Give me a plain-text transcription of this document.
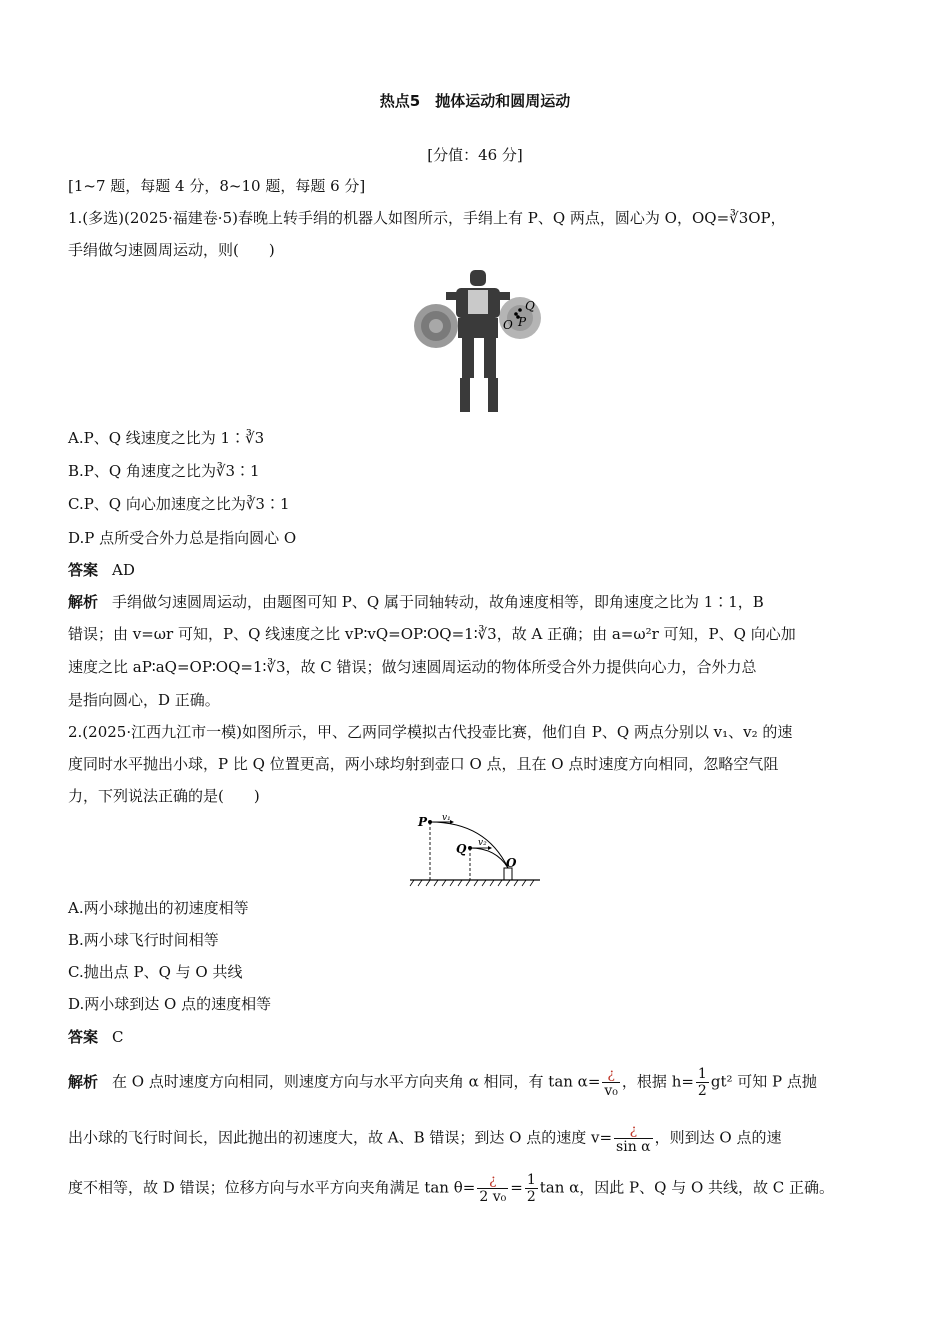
热点5　抛体运动和圆周运动
[分值：46 分]
[1~7 题，每题 4 分，8~10 题，每题 6 分]
1.(多选)(2025·福建卷·5)春晚上转手绢的机器人如图所示，手绢上有 P、Q 两点，圆心为 O，OQ=∛3OP，
手绢做匀速圆周运动，则(　　)
Q
O P
A.P、Q 线速度之比为 1∶∛3
B.P、Q 角速度之比为∛3∶1
C.P、Q 向心加速度之比为∛3∶1
D.P 点所受合外力总是指向圆心 O
答案 AD
解析 手绢做匀速圆周运动，由题图可知 P、Q 属于同轴转动，故角速度相等，即角速度之比为 1∶1，B
错误；由 v=ωr 可知，P、Q 线速度之比 vP∶vQ=OP∶OQ=1∶∛3，故 A 正确；由 a=ω²r 可知，P、Q 向心加
速度之比 aP∶aQ=OP∶OQ=1∶∛3，故 C 错误；做匀速圆周运动的物体所受合外力提供向心力，合外力总
是指向圆心，D 正确。
2.(2025·江西九江市一模)如图所示，甲、乙两同学模拟古代投壶比赛，他们自 P、Q 两点分别以 v₁、v₂ 的速
度同时水平抛出小球，P 比 Q 位置更高，两小球均射到壶口 O 点，且在 O 点时速度方向相同，忽略空气阻
力，下列说法正确的是(　　)
P
Q
O
v₁
v₂
A.两小球抛出的初速度相等
B.两小球飞行时间相等
C.抛出点 P、Q 与 O 共线
D.两小球到达 O 点的速度相等
答案 C
解析 在 O 点时速度方向相同，则速度方向与水平方向夹角 α 相同，有 $\tan \alpha= \frac{¿}{\text{v₀}}$ ，根据 $h= \frac{1}{2} gt^2$ 可知 P 点抛
出小球的飞行时间长，因此抛出的初速度大，故 A、B 错误；到达 O 点的速度 $v= \frac{¿}{\text{sin α}}$ ，则到达 O 点的速
度不相等，故 D 错误；位移方向与水平方向夹角满足 $\tan \theta= \frac{¿}{\text{2 v₀}} = \frac{1}{2}$ tan α，因此 P、Q 与 O 共线，故 C 正确。
